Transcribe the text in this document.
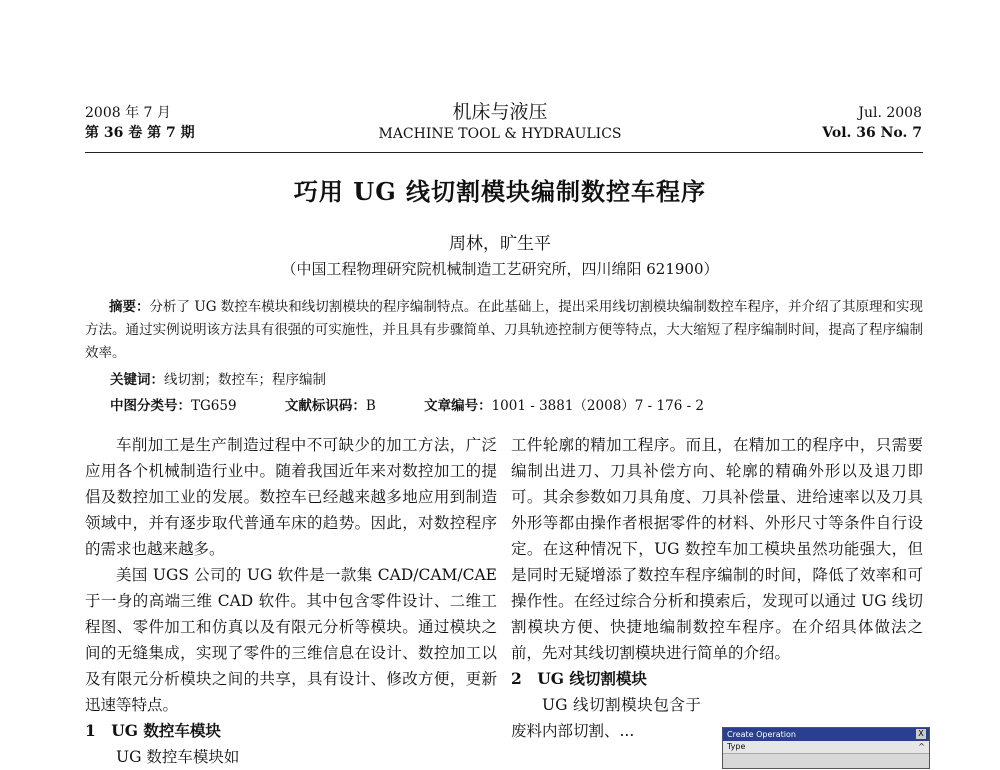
2008 年 7 月
第 36 卷 第 7 期
机床与液压
MACHINE TOOL & HYDRAULICS
Jul. 2008
Vol. 36 No. 7
巧用 UG 线切割模块编制数控车程序
周林，旷生平
（中国工程物理研究院机械制造工艺研究所，四川绵阳 621900）
摘要：分析了 UG 数控车模块和线切割模块的程序编制特点。在此基础上，提出采用线切割模块编制数控车程序，并介绍了其原理和实现方法。通过实例说明该方法具有很强的可实施性，并且具有步骤简单、刀具轨迹控制方便等特点，大大缩短了程序编制时间，提高了程序编制效率。
关键词：线切割；数控车；程序编制
中图分类号：TG659	文献标识码：B	文章编号：1001 - 3881（2008）7 - 176 - 2

车削加工是生产制造过程中不可缺少的加工方法，广泛应用各个机械制造行业中。随着我国近年来对数控加工的提倡及数控加工业的发展。数控车已经越来越多地应用到制造领域中，并有逐步取代普通车床的趋势。因此，对数控程序的需求也越来越多。

美国 UGS 公司的 UG 软件是一款集 CAD/CAM/CAE 于一身的高端三维 CAD 软件。其中包含零件设计、二维工程图、零件加工和仿真以及有限元分析等模块。通过模块之间的无缝集成，实现了零件的三维信息在设计、数控加工以及有限元分析模块之间的共享，具有设计、修改方便，更新迅速等特点。

1　UG 数控车模块

UG 数控车模块如

工件轮廓的精加工程序。而且，在精加工的程序中，只需要编制出进刀、刀具补偿方向、轮廓的精确外形以及退刀即可。其余参数如刀具角度、刀具补偿量、进给速率以及刀具外形等都由操作者根据零件的材料、外形尺寸等条件自行设定。在这种情况下，UG 数控车加工模块虽然功能强大，但是同时无疑增添了数控车程序编制的时间，降低了效率和可操作性。在经过综合分析和摸索后，发现可以通过 UG 线切割模块方便、快捷地编制数控车程序。在介绍具体做法之前，先对其线切割模块进行简单的介绍。

2　UG 线切割模块

UG 线切割模块包含于废料内部切割、...	Create Operation	X
Type	^
